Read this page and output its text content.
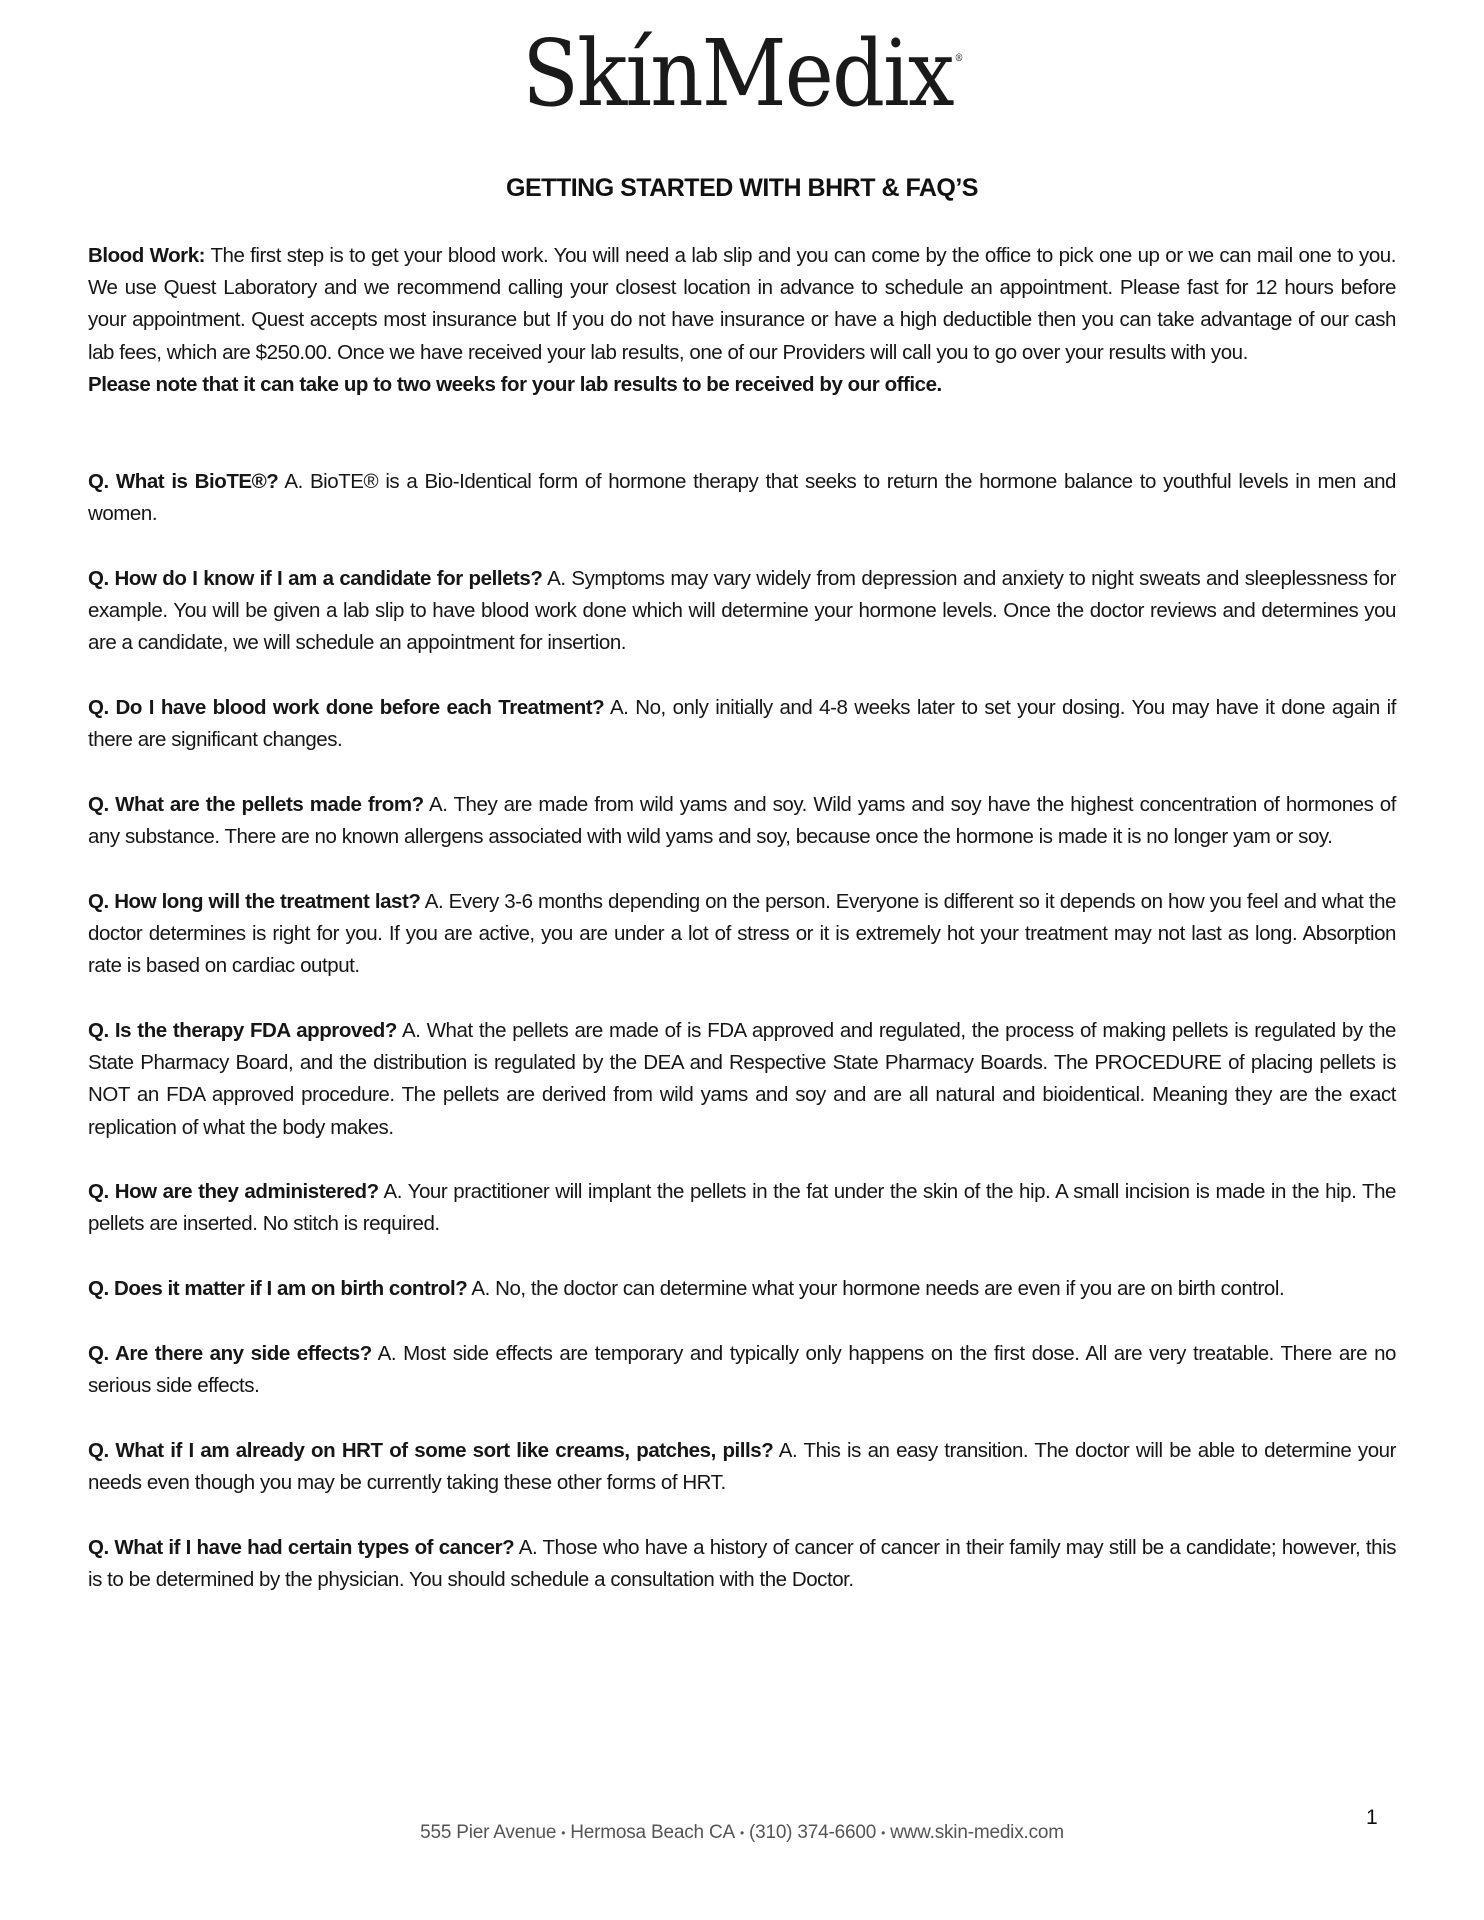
SkínMedix ®
GETTING STARTED WITH BHRT & FAQ’S

Blood Work: The first step is to get your blood work. You will need a lab slip and you can come by the office to pick one up or we can mail one to you. We use Quest Laboratory and we recommend calling your closest location in advance to schedule an appointment. Please fast for 12 hours before your appointment. Quest accepts most insurance but If you do not have insurance or have a high deductible then you can take advantage of our cash lab fees, which are $250.00. Once we have received your lab results, one of our Providers will call you to go over your results with you.
Please note that it can take up to two weeks for your lab results to be received by our office.

Q. What is BioTE®? A. BioTE® is a Bio-Identical form of hormone therapy that seeks to return the hormone balance to youthful levels in men and women.

Q. How do I know if I am a candidate for pellets? A. Symptoms may vary widely from depression and anxiety to night sweats and sleeplessness for example. You will be given a lab slip to have blood work done which will determine your hormone levels. Once the doctor reviews and determines you are a candidate, we will schedule an appointment for insertion.

Q. Do I have blood work done before each Treatment? A. No, only initially and 4-8 weeks later to set your dosing. You may have it done again if there are significant changes.

Q. What are the pellets made from? A. They are made from wild yams and soy. Wild yams and soy have the highest concentration of hormones of any substance. There are no known allergens associated with wild yams and soy, because once the hormone is made it is no longer yam or soy.

Q. How long will the treatment last? A. Every 3-6 months depending on the person. Everyone is different so it depends on how you feel and what the doctor determines is right for you. If you are active, you are under a lot of stress or it is extremely hot your treatment may not last as long. Absorption rate is based on cardiac output.

Q. Is the therapy FDA approved? A. What the pellets are made of is FDA approved and regulated, the process of making pellets is regulated by the State Pharmacy Board, and the distribution is regulated by the DEA and Respective State Pharmacy Boards. The PROCEDURE of placing pellets is NOT an FDA approved procedure. The pellets are derived from wild yams and soy and are all natural and bioidentical. Meaning they are the exact replication of what the body makes.

Q. How are they administered? A. Your practitioner will implant the pellets in the fat under the skin of the hip. A small incision is made in the hip. The pellets are inserted. No stitch is required.

Q. Does it matter if I am on birth control? A. No, the doctor can determine what your hormone needs are even if you are on birth control.

Q. Are there any side effects? A. Most side effects are temporary and typically only happens on the first dose. All are very treatable. There are no serious side effects.

Q. What if I am already on HRT of some sort like creams, patches, pills? A. This is an easy transition. The doctor will be able to determine your needs even though you may be currently taking these other forms of HRT.

Q. What if I have had certain types of cancer? A. Those who have a history of cancer of cancer in their family may still be a candidate; however, this is to be determined by the physician. You should schedule a consultation with the Doctor.

555 Pier Avenue • Hermosa Beach CA • (310) 374-6600 • www.skin-medix.com
1
